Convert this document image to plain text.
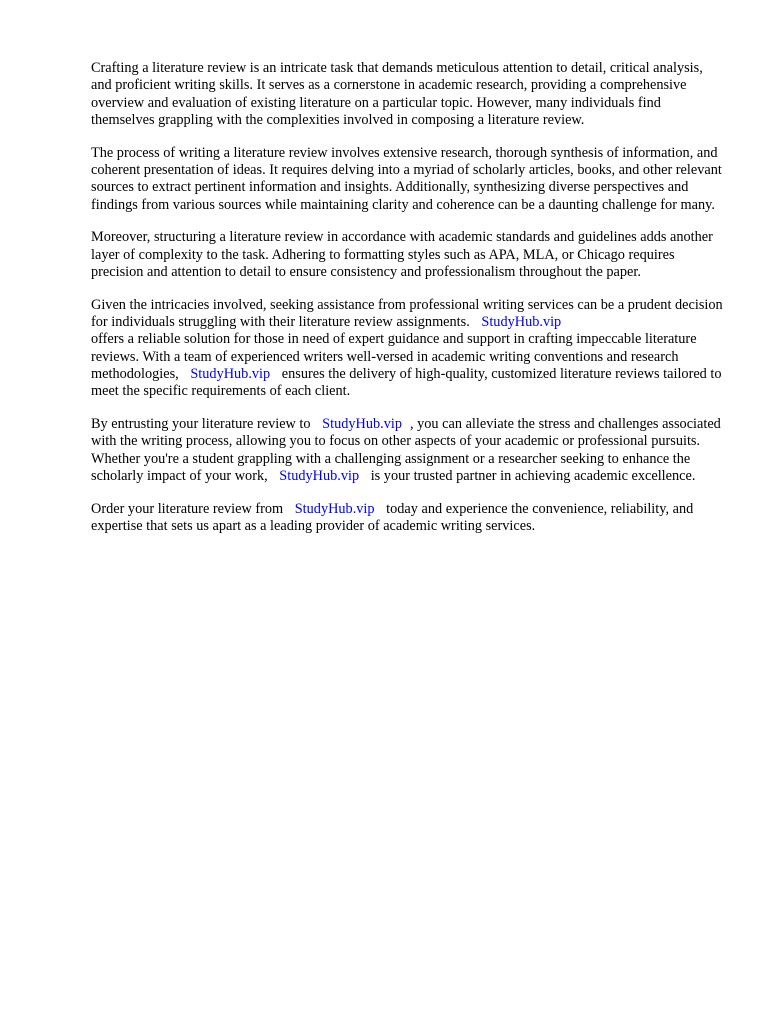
Crafting a literature review is an intricate task that demands meticulous attention to detail, critical analysis, and proficient writing skills. It serves as a cornerstone in academic research, providing a comprehensive overview and evaluation of existing literature on a particular topic. However, many individuals find themselves grappling with the complexities involved in composing a literature review.

The process of writing a literature review involves extensive research, thorough synthesis of information, and coherent presentation of ideas. It requires delving into a myriad of scholarly articles, books, and other relevant sources to extract pertinent information and insights. Additionally, synthesizing diverse perspectives and findings from various sources while maintaining clarity and coherence can be a daunting challenge for many.

Moreover, structuring a literature review in accordance with academic standards and guidelines adds another layer of complexity to the task. Adhering to formatting styles such as APA, MLA, or Chicago requires precision and attention to detail to ensure consistency and professionalism throughout the paper.

Given the intricacies involved, seeking assistance from professional writing services can be a prudent decision for individuals struggling with their literature review assignments. StudyHub.vip
offers a reliable solution for those in need of expert guidance and support in crafting impeccable literature reviews. With a team of experienced writers well-versed in academic writing conventions and research methodologies, StudyHub.vip ensures the delivery of high-quality, customized literature reviews tailored to meet the specific requirements of each client.

By entrusting your literature review to StudyHub.vip , you can alleviate the stress and challenges associated with the writing process, allowing you to focus on other aspects of your academic or professional pursuits. Whether you're a student grappling with a challenging assignment or a researcher seeking to enhance the scholarly impact of your work, StudyHub.vip is your trusted partner in achieving academic excellence.

Order your literature review from StudyHub.vip today and experience the convenience, reliability, and expertise that sets us apart as a leading provider of academic writing services.
